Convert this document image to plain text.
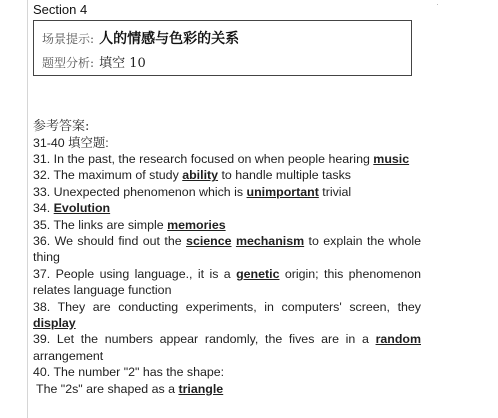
Section 4
场景提示: 人的情感与色彩的关系
题型分析: 填空 10
参考答案:
31-40 填空题:
31. In the past, the research focused on when people hearing music
32. The maximum of study ability to handle multiple tasks
33. Unexpected phenomenon which is unimportant trivial
34. Evolution
35. The links are simple memories
36. We should find out the science mechanism to explain the whole thing
37. People using language., it is a genetic origin; this phenomenon relates language function
38. They are conducting experiments, in computers' screen, they display
39. Let the numbers appear randomly, the fives are in a random arrangement
40. The number "2" has the shape:
The "2s" are shaped as a triangle
